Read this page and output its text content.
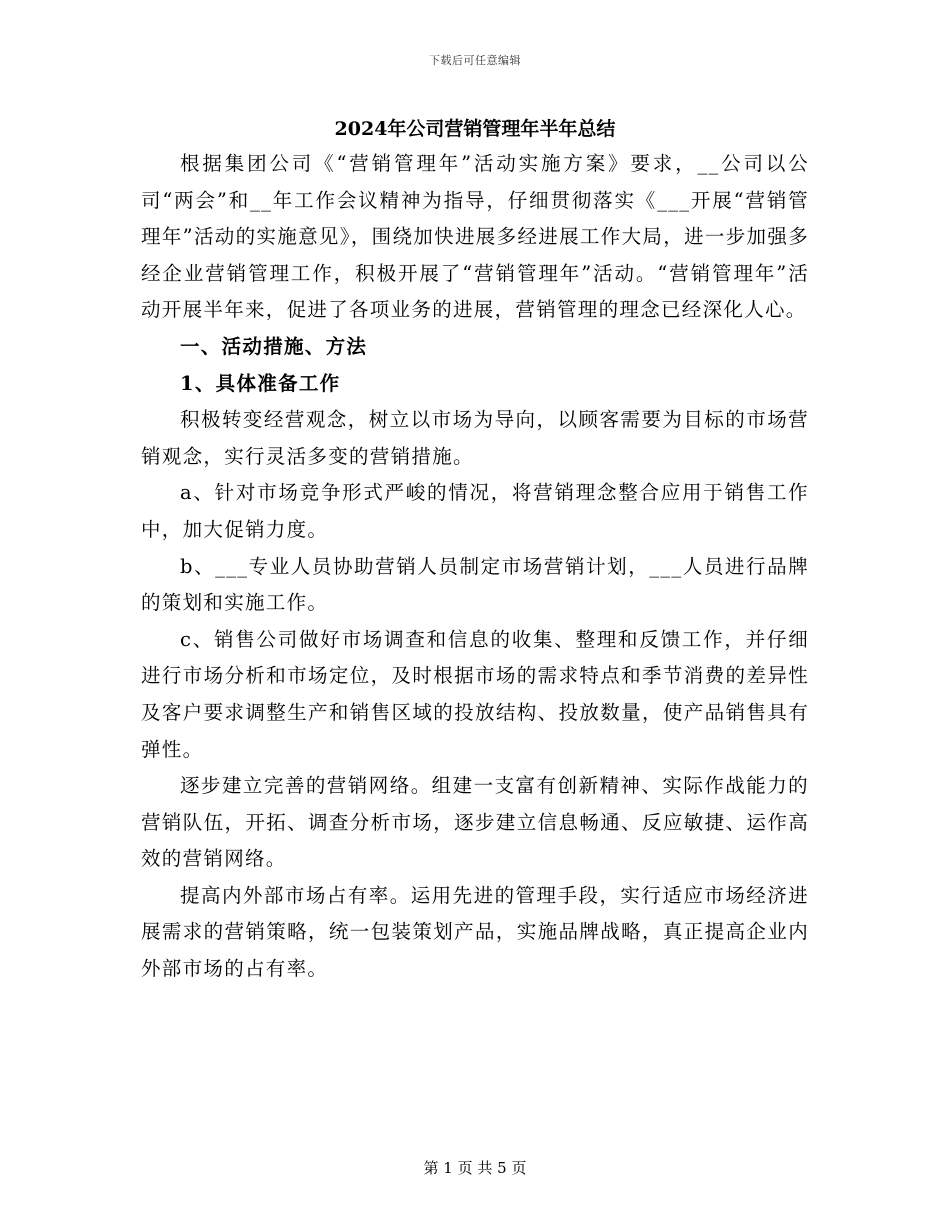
下载后可任意编辑
2024年公司营销管理年半年总结

根据集团公司《“营销管理年”活动实施方案》要求，__公司以公司“两会”和__年工作会议精神为指导，仔细贯彻落实《___开展“营销管理年”活动的实施意见》，围绕加快进展多经进展工作大局，进一步加强多经企业营销管理工作，积极开展了“营销管理年”活动。“营销管理年”活动开展半年来，促进了各项业务的进展，营销管理的理念已经深化人心。

一、活动措施、方法

1、具体准备工作

积极转变经营观念，树立以市场为导向，以顾客需要为目标的市场营销观念，实行灵活多变的营销措施。

a、针对市场竞争形式严峻的情况，将营销理念整合应用于销售工作中，加大促销力度。

b、___专业人员协助营销人员制定市场营销计划，___人员进行品牌的策划和实施工作。

c、销售公司做好市场调查和信息的收集、整理和反馈工作，并仔细进行市场分析和市场定位，及时根据市场的需求特点和季节消费的差异性及客户要求调整生产和销售区域的投放结构、投放数量，使产品销售具有弹性。

逐步建立完善的营销网络。组建一支富有创新精神、实际作战能力的营销队伍，开拓、调查分析市场，逐步建立信息畅通、反应敏捷、运作高效的营销网络。

提高内外部市场占有率。运用先进的管理手段，实行适应市场经济进展需求的营销策略，统一包装策划产品，实施品牌战略，真正提高企业内外部市场的占有率。

第 1 页 共 5 页
